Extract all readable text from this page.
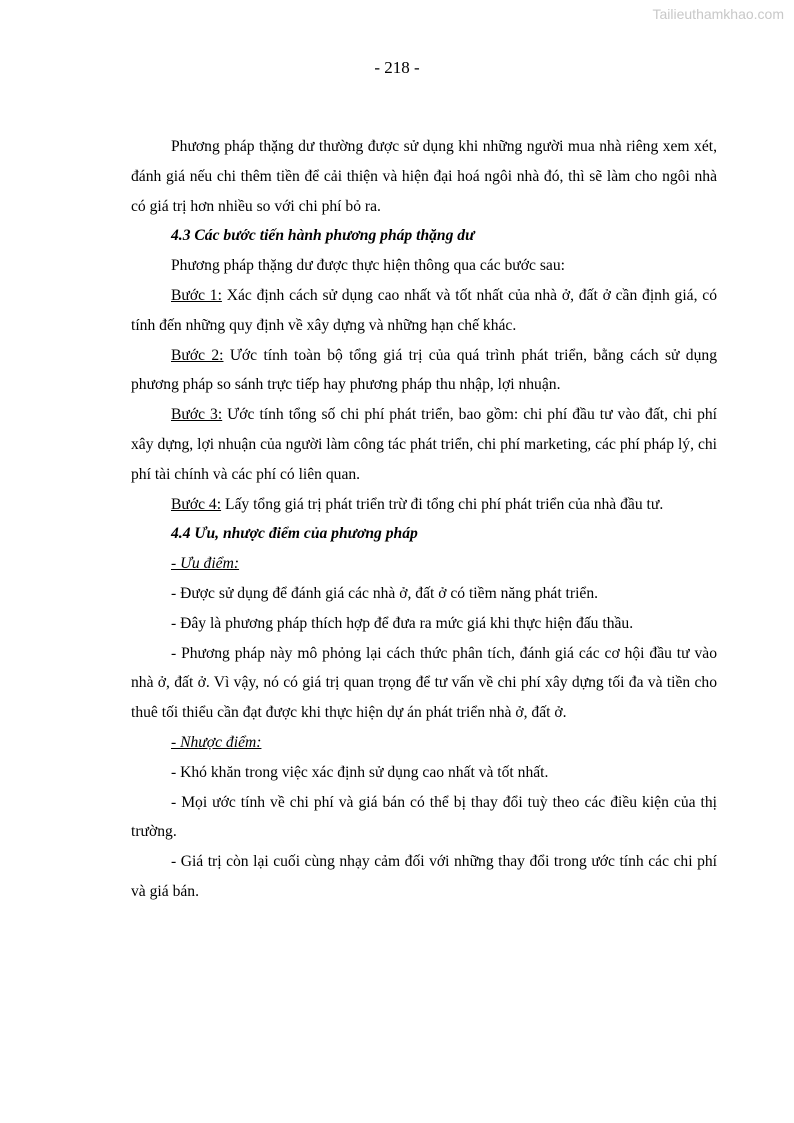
Tailieuthamkhao.com
- 218 -

Phương pháp thặng dư thường được sử dụng khi những người mua nhà riêng xem xét, đánh giá nếu chi thêm tiền để cải thiện và hiện đại hoá ngôi nhà đó, thì sẽ làm cho ngôi nhà có giá trị hơn nhiều so với chi phí bỏ ra.

4.3 Các bước tiến hành phương pháp thặng dư

Phương pháp thặng dư được thực hiện thông qua các bước sau:

Bước 1: Xác định cách sử dụng cao nhất và tốt nhất của nhà ở, đất ở cần định giá, có tính đến những quy định về xây dựng và những hạn chế khác.

Bước 2: Ước tính toàn bộ tổng giá trị của quá trình phát triển, bằng cách sử dụng phương pháp so sánh trực tiếp hay phương pháp thu nhập, lợi nhuận.

Bước 3: Ước tính tổng số chi phí phát triển, bao gồm: chi phí đầu tư vào đất, chi phí xây dựng, lợi nhuận của người làm công tác phát triển, chi phí marketing, các phí pháp lý, chi phí tài chính và các phí có liên quan.

Bước 4: Lấy tổng giá trị phát triển trừ đi tổng chi phí phát triển của nhà đầu tư.

4.4 Ưu, nhược điểm của phương pháp

- Ưu điểm:

- Được sử dụng để đánh giá các nhà ở, đất ở có tiềm năng phát triển.

- Đây là phương pháp thích hợp để đưa ra mức giá khi thực hiện đấu thầu.

- Phương pháp này mô phỏng lại cách thức phân tích, đánh giá các cơ hội đầu tư vào nhà ở, đất ở. Vì vậy, nó có giá trị quan trọng để tư vấn về chi phí xây dựng tối đa và tiền cho thuê tối thiểu cần đạt được khi thực hiện dự án phát triển nhà ở, đất ở.

- Nhược điểm:

- Khó khăn trong việc xác định sử dụng cao nhất và tốt nhất.

- Mọi ước tính về chi phí và giá bán có thể bị thay đổi tuỳ theo các điều kiện của thị trường.

- Giá trị còn lại cuối cùng nhạy cảm đối với những thay đổi trong ước tính các chi phí và giá bán.
